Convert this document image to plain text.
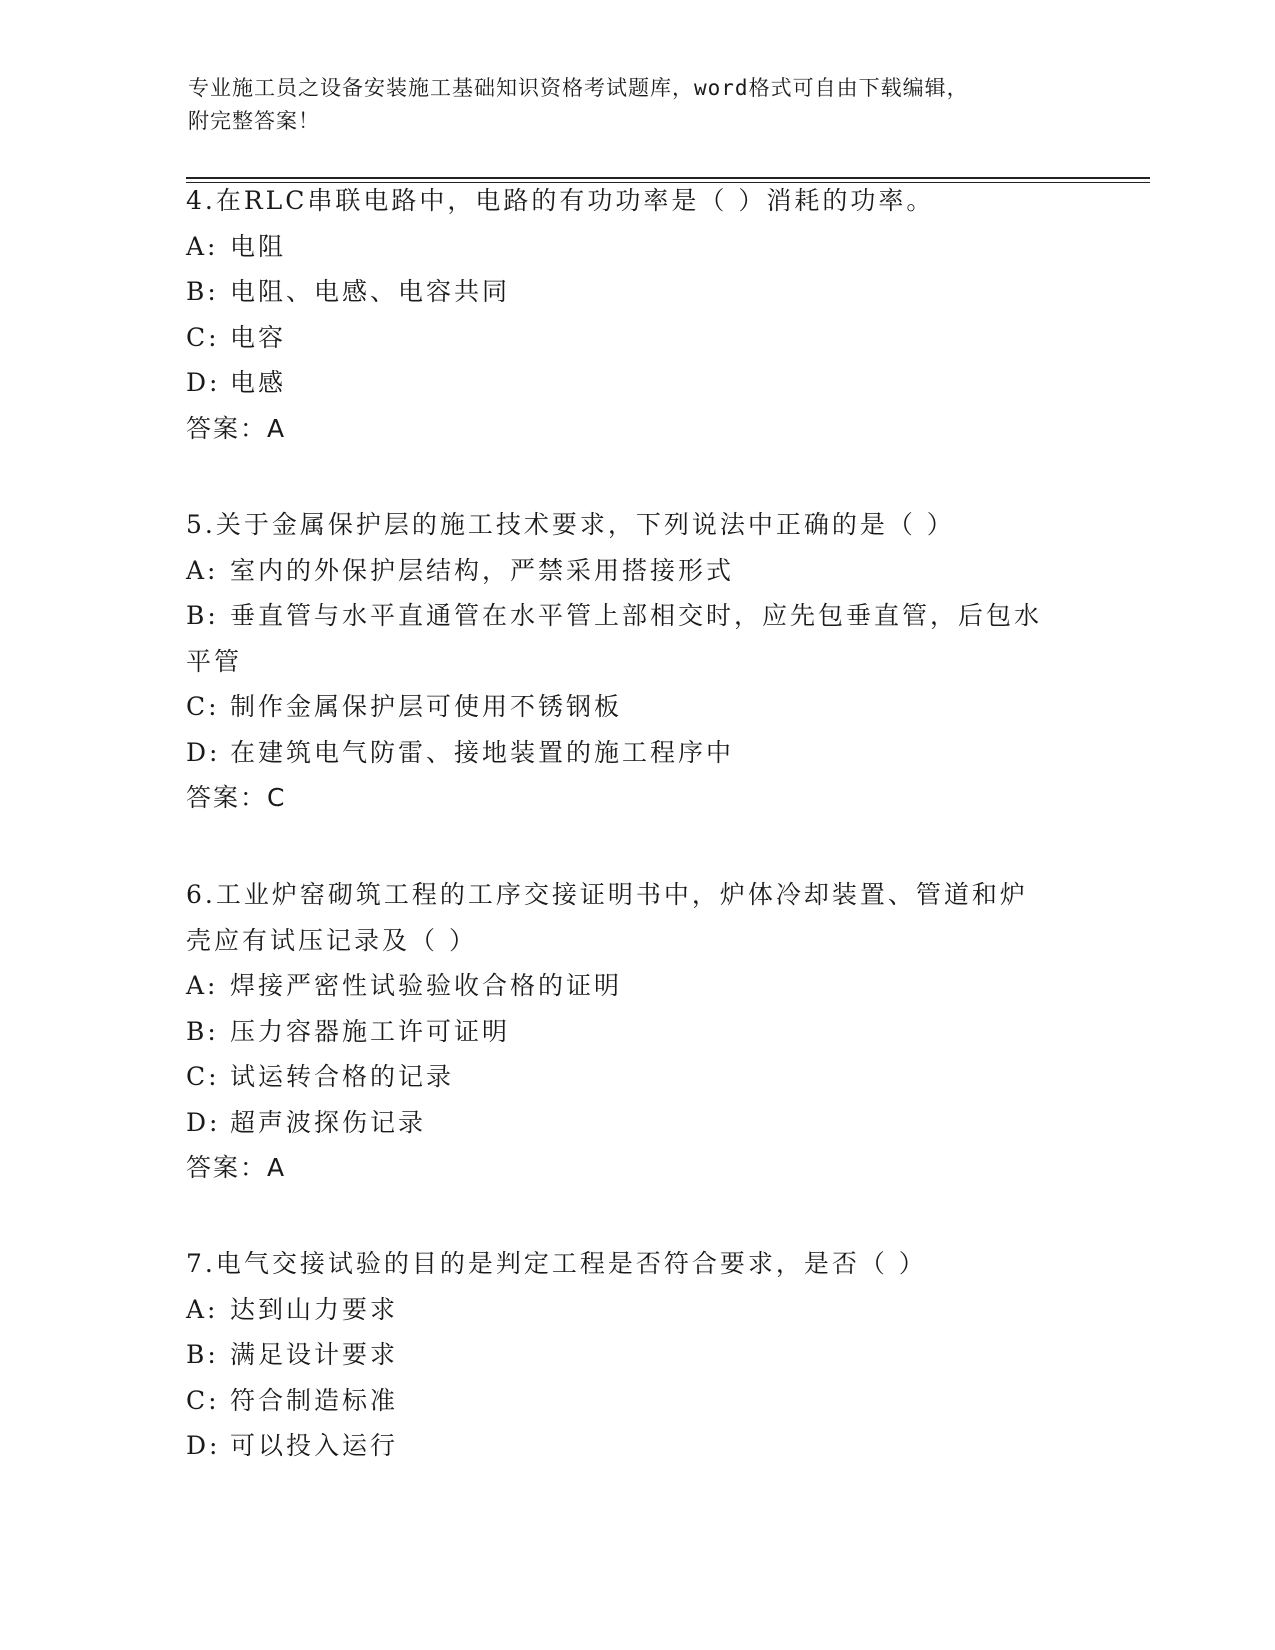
专业施工员之设备安装施工基础知识资格考试题库，word格式可自由下载编辑，
附完整答案！
4.在RLC串联电路中，电路的有功功率是（ ）消耗的功率。
A: 电阻
B: 电阻、电感、电容共同
C: 电容
D: 电感
答案：A
5.关于金属保护层的施工技术要求，下列说法中正确的是（ ）
A: 室内的外保护层结构，严禁采用搭接形式
B: 垂直管与水平直通管在水平管上部相交时，应先包垂直管，后包水平管
C: 制作金属保护层可使用不锈钢板
D: 在建筑电气防雷、接地装置的施工程序中
答案：C
6.工业炉窑砌筑工程的工序交接证明书中，炉体冷却装置、管道和炉壳应有试压记录及（ ）
A: 焊接严密性试验验收合格的证明
B: 压力容器施工许可证明
C: 试运转合格的记录
D: 超声波探伤记录
答案：A
7.电气交接试验的目的是判定工程是否符合要求，是否（ ）
A: 达到山力要求
B: 满足设计要求
C: 符合制造标准
D: 可以投入运行
